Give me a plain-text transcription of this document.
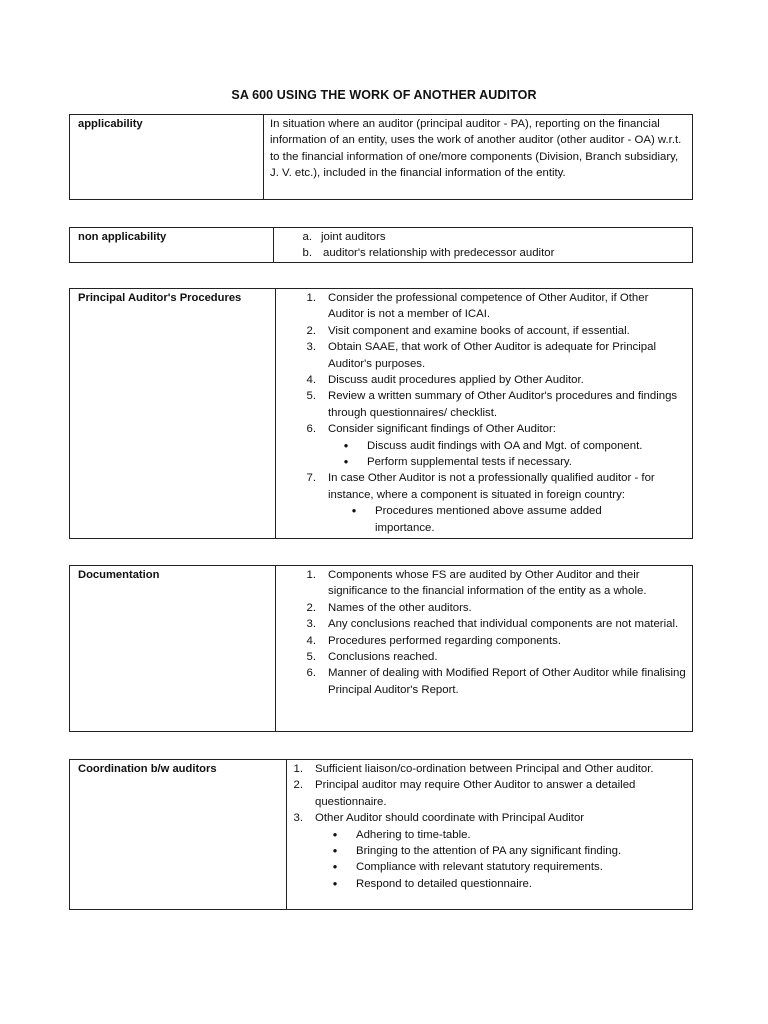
SA 600 USING THE WORK OF ANOTHER AUDITOR
applicability	In situation where an auditor (principal auditor - PA), reporting on the financial information of an entity, uses the work of another auditor (other auditor - OA) w.r.t. to the financial information of one/more components (Division, Branch subsidiary, J. V. etc.), included in the financial information of the entity.
non applicability	a. joint auditors
b. auditor's relationship with predecessor auditor
Principal Auditor's Procedures	1.	Consider the professional competence of Other Auditor, if Other Auditor is not a member of ICAI.
2.	Visit component and examine books of account, if essential.
3.	Obtain SAAE, that work of Other Auditor is adequate for Principal Auditor's purposes.
4.	Discuss audit procedures applied by Other Auditor.
5.	Review a written summary of Other Auditor's procedures and findings through questionnaires/ checklist.
6.	Consider significant findings of Other Auditor:
●	Discuss audit findings with OA and Mgt. of component.
●	Perform supplemental tests if necessary.
7.	In case Other Auditor is not a professionally qualified auditor - for instance, where a component is situated in foreign country:
●	Procedures mentioned above assume added importance.
Documentation	1.	Components whose FS are audited by Other Auditor and their significance to the financial information of the entity as a whole.
2.	Names of the other auditors.
3.	Any conclusions reached that individual components are not material.
4.	Procedures performed regarding components.
5.	Conclusions reached.
6.	Manner of dealing with Modified Report of Other Auditor while finalising Principal Auditor's Report.
Coordination b/w auditors	1.	Sufficient liaison/co-ordination between Principal and Other auditor.
2.	Principal auditor may require Other Auditor to answer a detailed questionnaire.
3.	Other Auditor should coordinate with Principal Auditor
●	Adhering to time-table.
●	Bringing to the attention of PA any significant finding.
●	Compliance with relevant statutory requirements.
●	Respond to detailed questionnaire.
